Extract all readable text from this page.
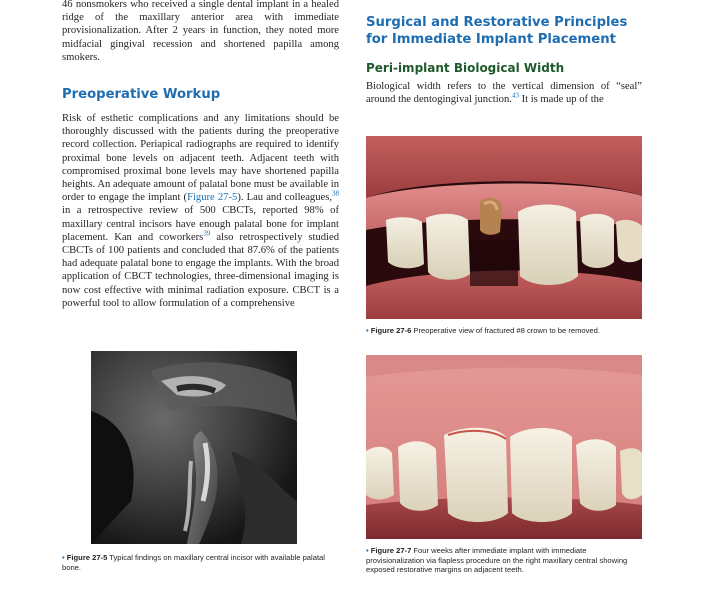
46 nonsmokers who received a single dental implant in a healed ridge of the maxillary anterior area with immediate provisionalization. After 2 years in function, they noted more midfacial gingival recession and shortened papilla among smokers.

Preoperative Workup

Risk of esthetic complications and any limitations should be thoroughly discussed with the patients during the preoperative record collection. Periapical radiographs are required to identify proximal bone levels on adjacent teeth. Adjacent teeth with compromised proximal bone levels may have shortened papilla heights. An adequate amount of palatal bone must be available in order to engage the implant (Figure 27-5). Lau and colleagues,$^{38}$ in a retrospective review of 500 CBCTs, reported 98% of maxillary central incisors have enough palatal bone for implant placement. Kan and coworkers$^{39}$ also retrospectively studied CBCTs of 100 patients and concluded that 87.6% of the patients had adequate palatal bone to engage the implants. With the broad application of CBCT technologies, three-dimensional imaging is now cost effective with minimal radiation exposure. CBCT is a powerful tool to allow formulation of a comprehensive

• Figure 27-5 Typical findings on maxillary central incisor with available palatal bone.
Surgical and Restorative Principles for Immediate Implant Placement
Peri-implant Biological Width

Biological width refers to the vertical dimension of “seal” around the dentogingival junction.$^{43}$ It is made up of the

• Figure 27-6 Preoperative view of fractured #8 crown to be removed.
• Figure 27-7 Four weeks after immediate implant with immediate provisionalization via flapless procedure on the right maxillary central showing exposed restorative margins on adjacent teeth.
